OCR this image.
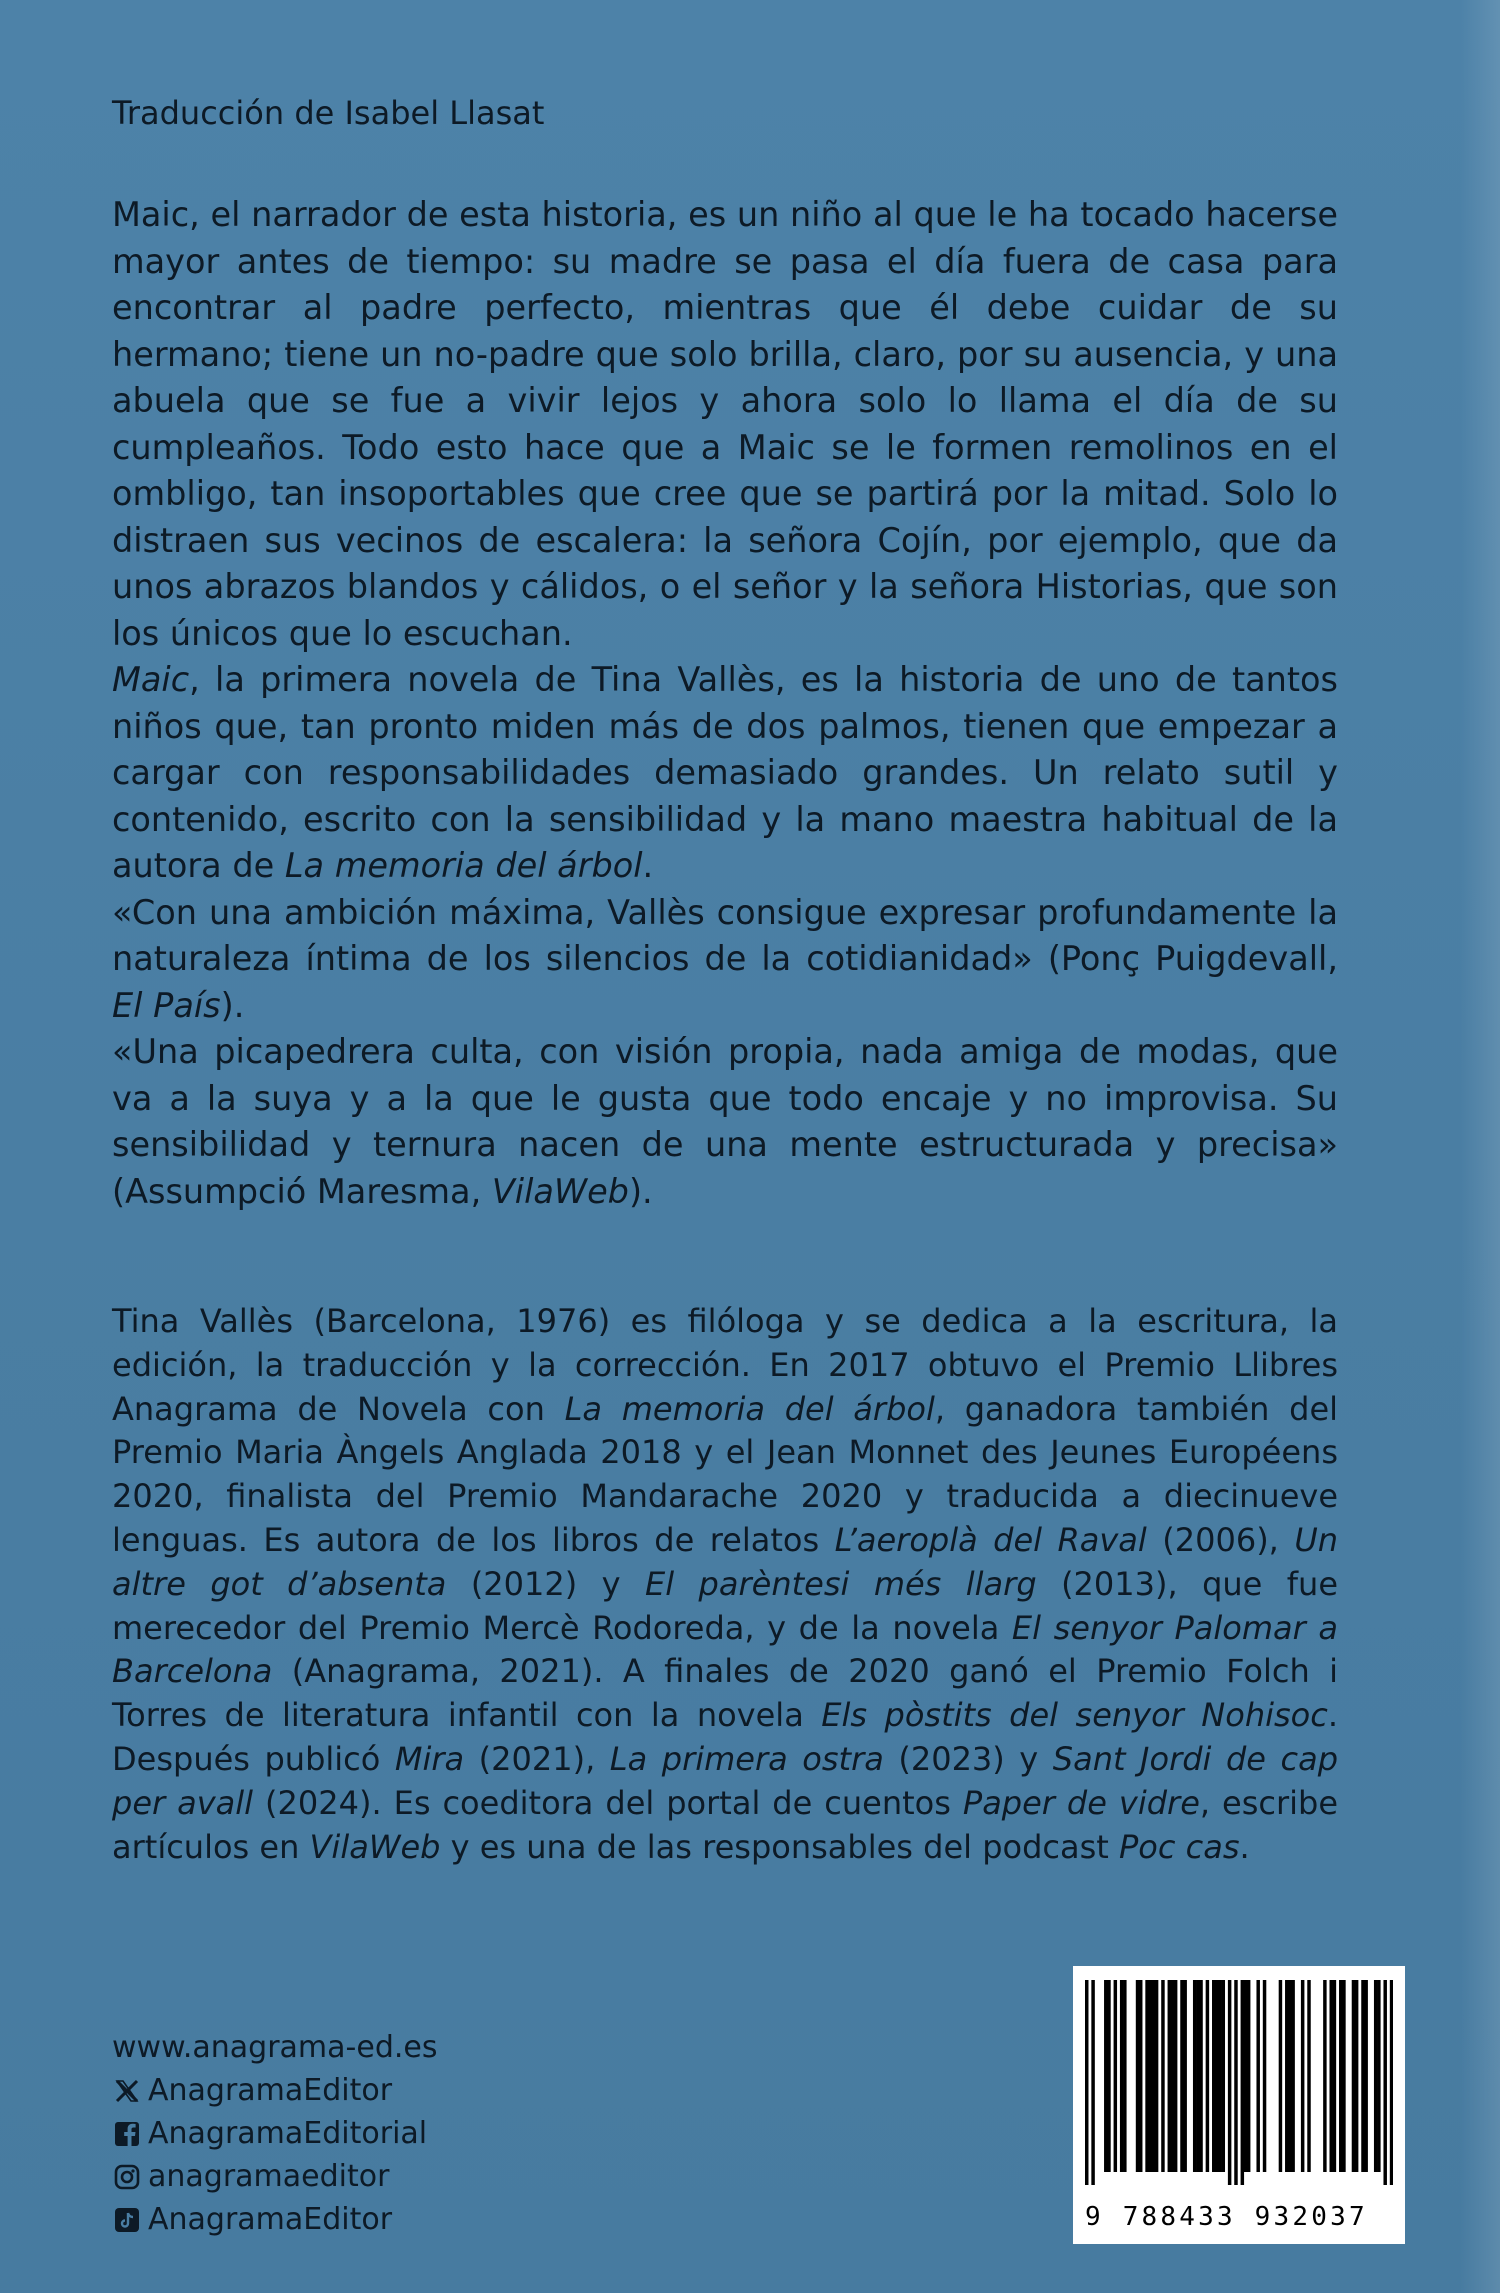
Traducción de Isabel Llasat

Maic, el narrador de esta historia, es un niño al que le ha tocado hacerse mayor antes de tiempo: su madre se pasa el día fuera de casa para encontrar al padre perfecto, mientras que él debe cuidar de su hermano; tiene un no-padre que solo brilla, claro, por su ausencia, y una abuela que se fue a vivir lejos y ahora solo lo llama el día de su cumpleaños. Todo esto hace que a Maic se le formen remolinos en el ombligo, tan insoportables que cree que se partirá por la mitad. Solo lo distraen sus vecinos de escalera: la señora Cojín, por ejemplo, que da unos abrazos blandos y cálidos, o el señor y la señora Historias, que son los únicos que lo escuchan.

Maic, la primera novela de Tina Vallès, es la historia de uno de tantos niños que, tan pronto miden más de dos palmos, tienen que empezar a cargar con responsabilidades demasiado grandes. Un relato sutil y contenido, escrito con la sensibilidad y la mano maestra habitual de la autora de La memoria del árbol.

«Con una ambición máxima, Vallès consigue expresar profundamente la naturaleza íntima de los silencios de la cotidianidad» (Ponç Puigdevall, El País).

«Una picapedrera culta, con visión propia, nada amiga de modas, que va a la suya y a la que le gusta que todo encaje y no improvisa. Su sensibilidad y ternura nacen de una mente estructurada y precisa» (Assumpció Maresma, VilaWeb).

Tina Vallès (Barcelona, 1976) es filóloga y se dedica a la escritura, la edición, la traducción y la corrección. En 2017 obtuvo el Premio Llibres Anagrama de Novela con La memoria del árbol, ganadora también del Premio Maria Àngels Anglada 2018 y el Jean Monnet des Jeunes Européens 2020, finalista del Premio Mandarache 2020 y traducida a diecinueve lenguas. Es autora de los libros de relatos L’aeroplà del Raval (2006), Un altre got d’absenta (2012) y El parèntesi més llarg (2013), que fue merecedor del Premio Mercè Rodoreda, y de la novela El senyor Palomar a Barcelona (Anagrama, 2021). A finales de 2020 ganó el Premio Folch i Torres de literatura infantil con la novela Els pòstits del senyor Nohisoc. Después publicó Mira (2021), La primera ostra (2023) y Sant Jordi de cap per avall (2024). Es coeditora del portal de cuentos Paper de vidre, escribe artículos en VilaWeb y es una de las responsables del podcast Poc cas.

www.anagrama-ed.es
AnagramaEditor
AnagramaEditorial
anagramaeditor
AnagramaEditor	9 788433 932037
